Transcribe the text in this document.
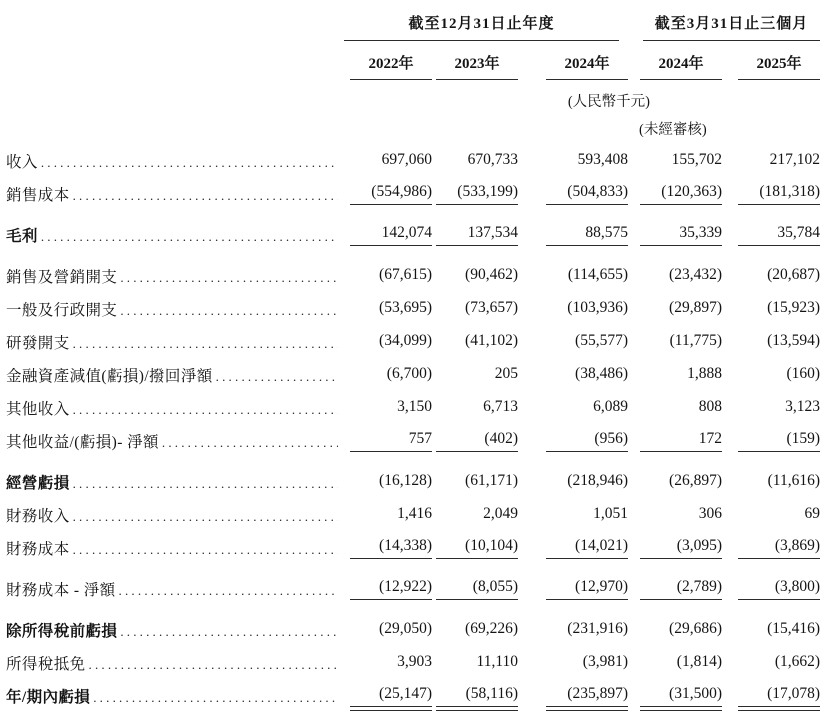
	截至12月31日止年度			截至3月31日止三個月	

	2022年	2023年	2024年	2024年	2025年

	(人民幣千元)				

				(未經審核)	

收入
.....	697,060	670,733	593,408	155,702	217,102

銷售成本
.....	(554,986)	(533,199)	(504,833)	(120,363)	(181,318)

毛利
.....	142,074	137,534	88,575	35,339	35,784

銷售及營銷開支
.....	(67,615)	(90,462)	(114,655)	(23,432)	(20,687)

一般及行政開支
.....	(53,695)	(73,657)	(103,936)	(29,897)	(15,923)

研發開支
.....	(34,099)	(41,102)	(55,577)	(11,775)	(13,594)

金融資產減值(虧損)/撥回淨額
.....	(6,700)	205	(38,486)	1,888	(160)

其他收入
.....	3,150	6,713	6,089	808	3,123

其他收益/(虧損)- 淨額
.....	757	(402)	(956)	172	(159)

經營虧損
.....	(16,128)	(61,171)	(218,946)	(26,897)	(11,616)

財務收入
.....	1,416	2,049	1,051	306	69

財務成本
.....	(14,338)	(10,104)	(14,021)	(3,095)	(3,869)

財務成本 - 淨額
.....	(12,922)	(8,055)	(12,970)	(2,789)	(3,800)

除所得稅前虧損
.....	(29,050)	(69,226)	(231,916)	(29,686)	(15,416)

所得稅抵免
.....	3,903	11,110	(3,981)	(1,814)	(1,662)

年/期內虧損
.....	(25,147)	(58,116)	(235,897)	(31,500)	(17,078)
